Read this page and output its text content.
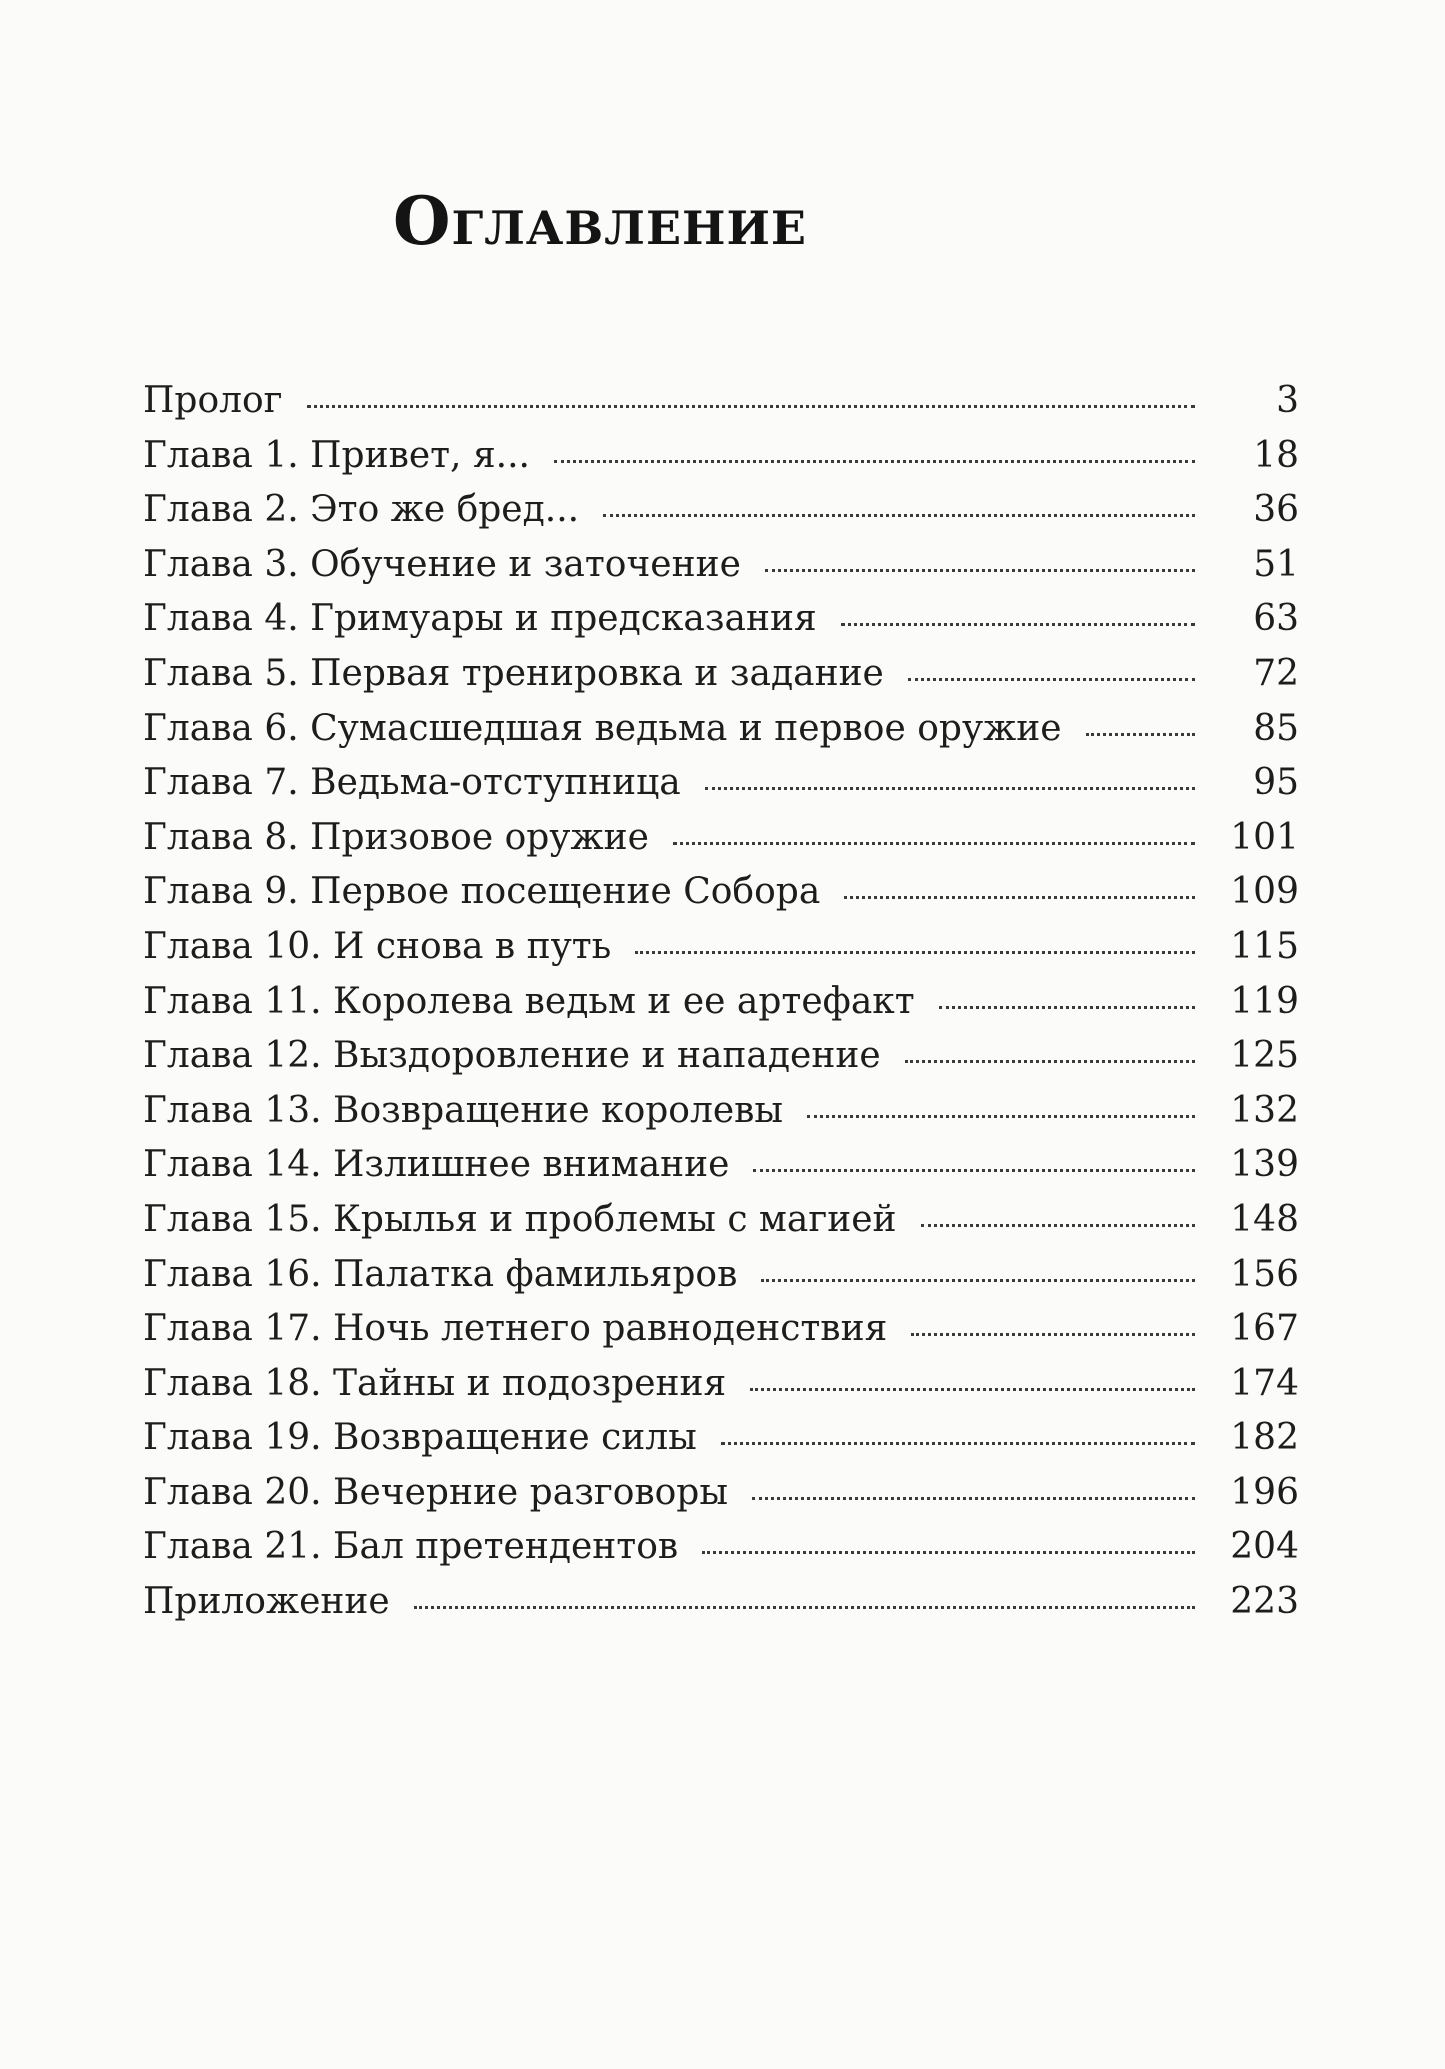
Оглавление
Пролог	3
Глава 1. Привет, я...	18
Глава 2. Это же бред...	36
Глава 3. Обучение и заточение	51
Глава 4. Гримуары и предсказания	63
Глава 5. Первая тренировка и задание	72
Глава 6. Сумасшедшая ведьма и первое оружие	85
Глава 7. Ведьма-отступница	95
Глава 8. Призовое оружие	101
Глава 9. Первое посещение Собора	109
Глава 10. И снова в путь	115
Глава 11. Королева ведьм и ее артефакт	119
Глава 12. Выздоровление и нападение	125
Глава 13. Возвращение королевы	132
Глава 14. Излишнее внимание	139
Глава 15. Крылья и проблемы с магией	148
Глава 16. Палатка фамильяров	156
Глава 17. Ночь летнего равноденствия	167
Глава 18. Тайны и подозрения	174
Глава 19. Возвращение силы	182
Глава 20. Вечерние разговоры	196
Глава 21. Бал претендентов	204
Приложение	223
